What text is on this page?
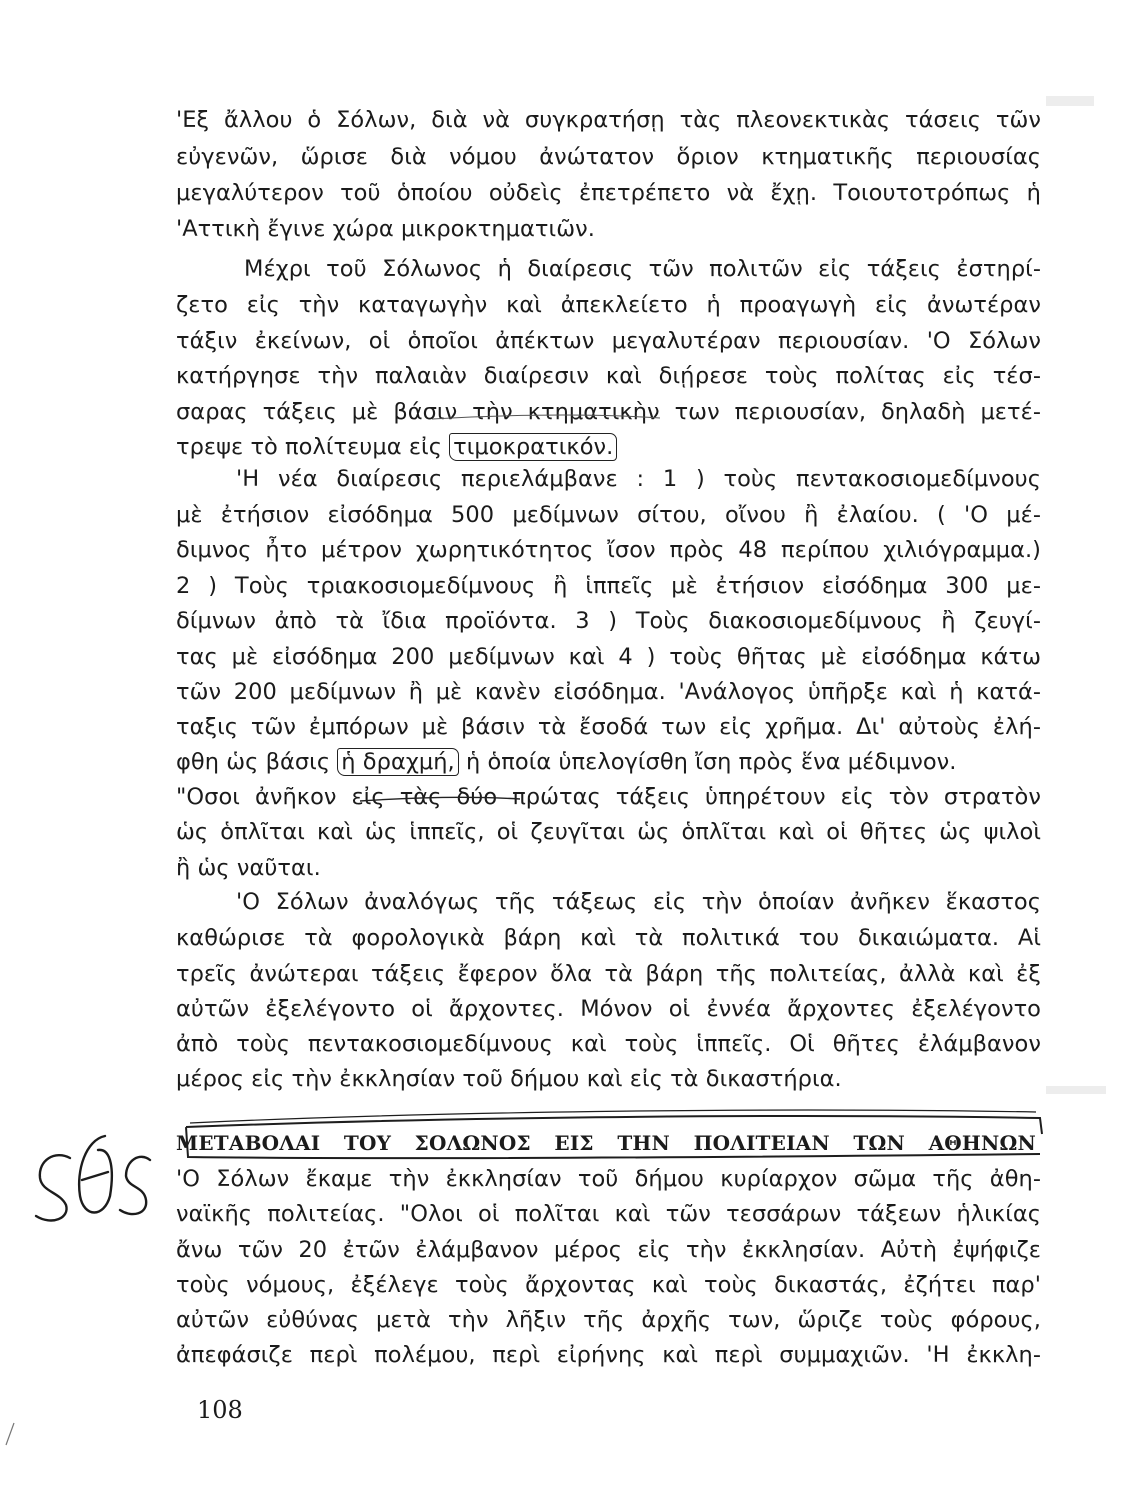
'Εξ ἄλλου ὁ Σόλων, διὰ νὰ συγκρατήσῃ τὰς πλεονεκτικὰς τάσεις τῶν
εὐγενῶν, ὥρισε διὰ νόμου ἀνώτατον ὅριον κτηματικῆς περιουσίας
μεγαλύτερον τοῦ ὁποίου οὐδεὶς ἐπετρέπετο νὰ ἔχῃ. Τοιουτοτρόπως ἡ
'Αττικὴ ἔγινε χώρα μικροκτηματιῶν.
Μέχρι τοῦ Σόλωνος ἡ διαίρεσις τῶν πολιτῶν εἰς τάξεις ἐστηρί-
ζετο εἰς τὴν καταγωγὴν καὶ ἀπεκλείετο ἡ προαγωγὴ εἰς ἀνωτέραν
τάξιν ἐκείνων, οἱ ὁποῖοι ἀπέκτων μεγαλυτέραν περιουσίαν. 'Ο Σόλων
κατήργησε τὴν παλαιὰν διαίρεσιν καὶ διῄρεσε τοὺς πολίτας εἰς τέσ-
σαρας τάξεις μὲ βάσιν τὴν κτηματικὴν των περιουσίαν, δηλαδὴ μετέ-
τρεψε τὸ πολίτευμα εἰς τιμοκρατικόν.
'Η νέα διαίρεσις περιελάμβανε : 1 ) τοὺς πεντακοσιομεδίμνους
μὲ ἐτήσιον εἰσόδημα 500 μεδίμνων σίτου, οἴνου ἢ ἐλαίου. ( 'Ο μέ-
διμνος ἦτο μέτρον χωρητικότητος ἴσον πρὸς 48 περίπου χιλιόγραμμα.)
2 ) Τοὺς τριακοσιομεδίμνους ἢ ἱππεῖς μὲ ἐτήσιον εἰσόδημα 300 με-
δίμνων ἀπὸ τὰ ἴδια προϊόντα. 3 ) Τοὺς διακοσιομεδίμνους ἢ ζευγί-
τας μὲ εἰσόδημα 200 μεδίμνων καὶ 4 ) τοὺς θῆτας μὲ εἰσόδημα κάτω
τῶν 200 μεδίμνων ἢ μὲ κανὲν εἰσόδημα. 'Ανάλογος ὑπῆρξε καὶ ἡ κατά-
ταξις τῶν ἐμπόρων μὲ βάσιν τὰ ἔσοδά των εἰς χρῆμα. Δι' αὐτοὺς ἐλή-
φθη ὡς βάσις ἡ δραχμή, ἡ ὁποία ὑπελογίσθη ἴση πρὸς ἕνα μέδιμνον.
"Οσοι ἀνῆκον εἰς τὰς δύο πρώτας τάξεις ὑπηρέτουν εἰς τὸν στρατὸν
ὡς ὁπλῖται καὶ ὡς ἱππεῖς, οἱ ζευγῖται ὡς ὁπλῖται καὶ οἱ θῆτες ὡς ψιλοὶ
ἢ ὡς ναῦται.
'Ο Σόλων ἀναλόγως τῆς τάξεως εἰς τὴν ὁποίαν ἀνῆκεν ἕκαστος
καθώρισε τὰ φορολογικὰ βάρη καὶ τὰ πολιτικά του δικαιώματα. Αἱ
τρεῖς ἀνώτεραι τάξεις ἔφερον ὅλα τὰ βάρη τῆς πολιτείας, ἀλλὰ καὶ ἐξ
αὐτῶν ἐξελέγοντο οἱ ἄρχοντες. Μόνον οἱ ἐννέα ἄρχοντες ἐξελέγοντο
ἀπὸ τοὺς πεντακοσιομεδίμνους καὶ τοὺς ἱππεῖς. Οἱ θῆτες ἐλάμβανον
μέρος εἰς τὴν ἐκκλησίαν τοῦ δήμου καὶ εἰς τὰ δικαστήρια.
'Ο Σόλων ἔκαμε τὴν ἐκκλησίαν τοῦ δήμου κυρίαρχον σῶμα τῆς ἀθη-
ναϊκῆς πολιτείας. "Ολοι οἱ πολῖται καὶ τῶν τεσσάρων τάξεων ἡλικίας
ἄνω τῶν 20 ἐτῶν ἐλάμβανον μέρος εἰς τὴν ἐκκλησίαν. Αὐτὴ ἐψήφιζε
τοὺς νόμους, ἐξέλεγε τοὺς ἄρχοντας καὶ τοὺς δικαστάς, ἐζήτει παρ'
αὐτῶν εὐθύνας μετὰ τὴν λῆξιν τῆς ἀρχῆς των, ὥριζε τοὺς φόρους,
ἀπεφάσιζε περὶ πολέμου, περὶ εἰρήνης καὶ περὶ συμμαχιῶν. 'Η ἐκκλη-
ΜΕΤΑΒΟΛΑΙ ΤΟΥ ΣΟΛΩΝΟΣ ΕΙΣ ΤΗΝ ΠΟΛΙΤΕΙΑΝ ΤΩΝ ΑΘΗΝΩΝ
108
